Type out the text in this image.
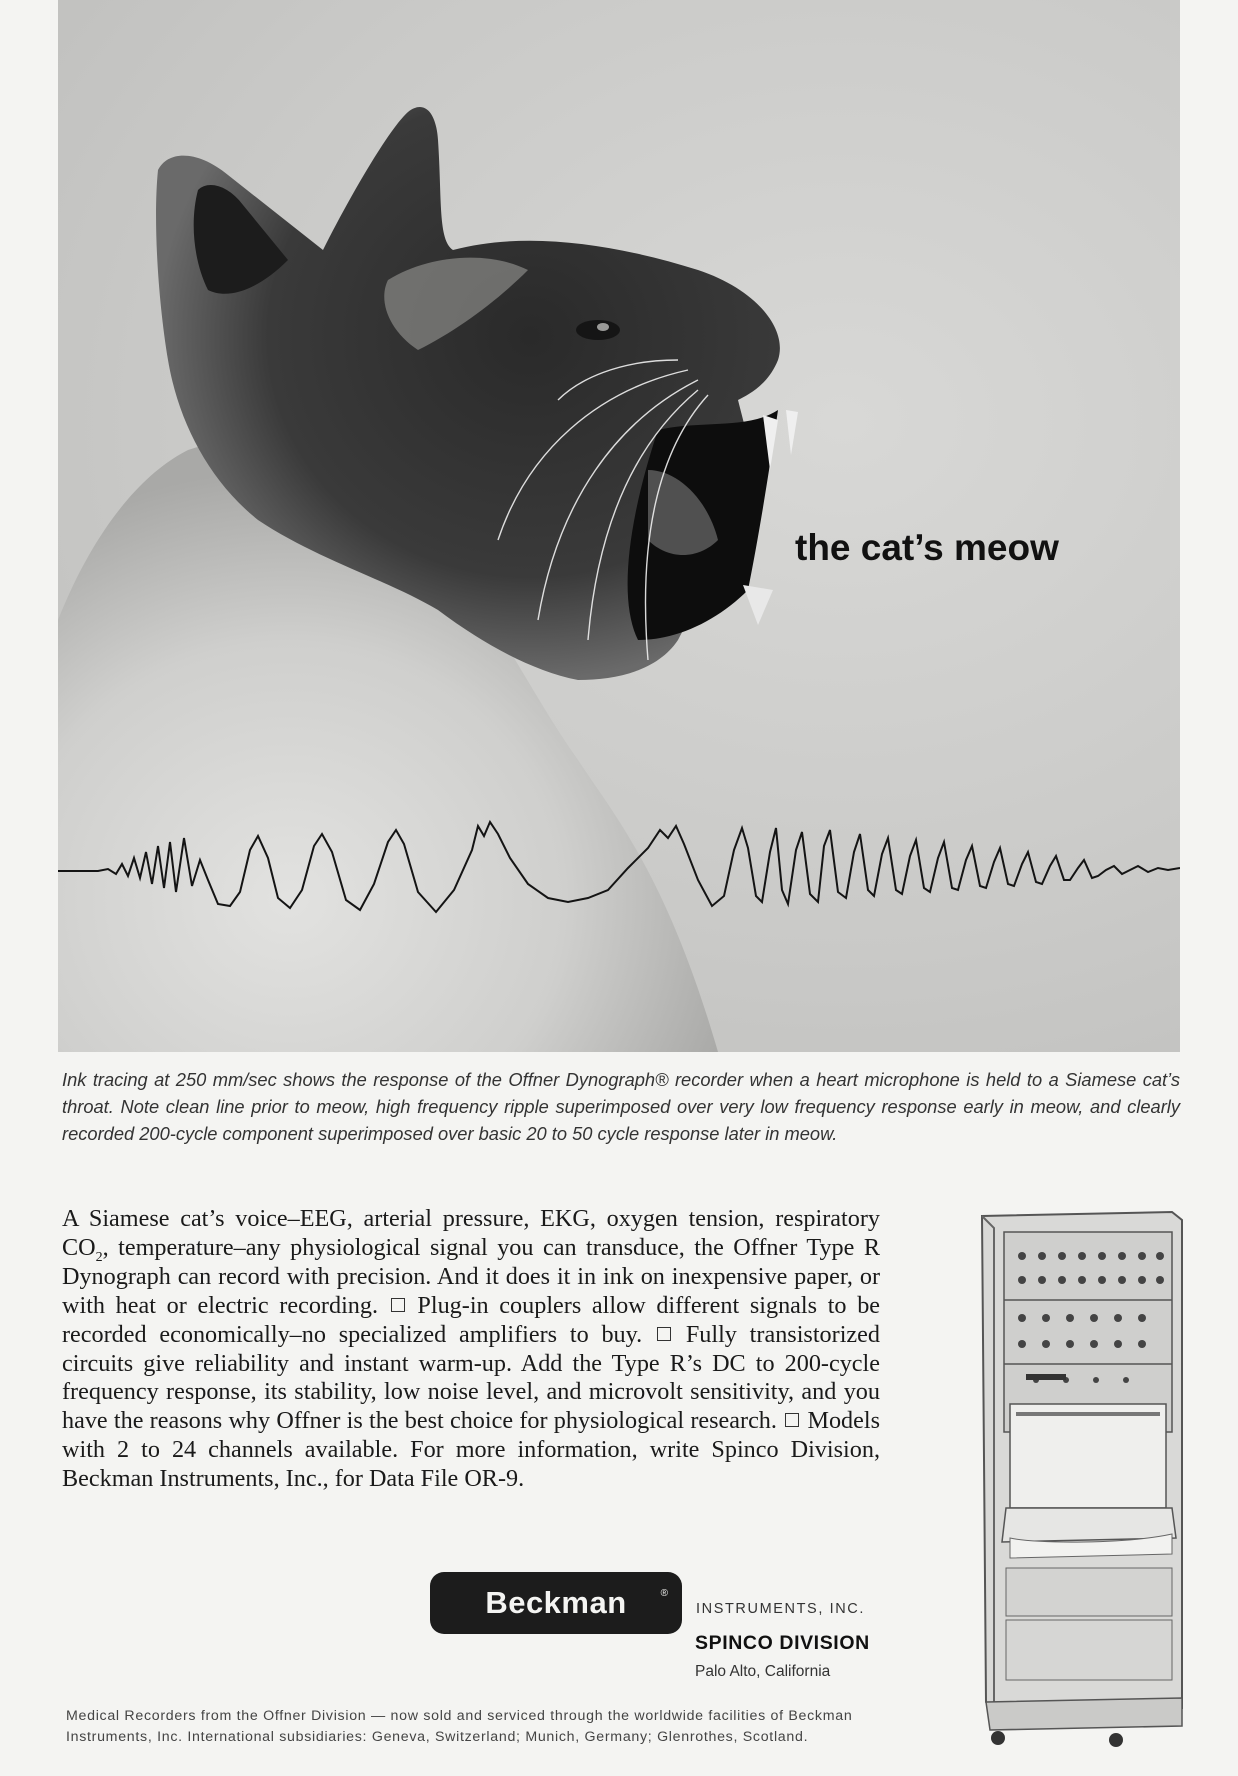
the cat’s meow
Ink tracing at 250 mm/sec shows the response of the Offner Dynograph® recorder when a heart microphone is held to a Siamese cat’s throat. Note clean line prior to meow, high frequency ripple superimposed over very low frequency response early in meow, and clearly recorded 200-cycle component superimposed over basic 20 to 50 cycle response later in meow.
A Siamese cat’s voice–EEG, arterial pressure, EKG, oxygen tension, respiratory $CO_2$, temperature–any physiological signal you can transduce, the Offner Type R Dynograph can record with precision. And it does it in ink on inexpensive paper, or with heat or electric recording. Plug-in couplers allow different signals to be recorded economically–no specialized amplifiers to buy. Fully transistorized circuits give reliability and instant warm-up. Add the Type R’s DC to 200-cycle frequency response, its stability, low noise level, and microvolt sensitivity, and you have the reasons why Offner is the best choice for physiological research. Models with 2 to 24 channels available. For more information, write Spinco Division, Beckman Instruments, Inc., for Data File OR-9.
Beckman	®
INSTRUMENTS, INC.
SPINCO DIVISION
Palo Alto, California
Medical Recorders from the Offner Division — now sold and serviced through the worldwide facilities of Beckman Instruments, Inc. International subsidiaries: Geneva, Switzerland; Munich, Germany; Glenrothes, Scotland.
